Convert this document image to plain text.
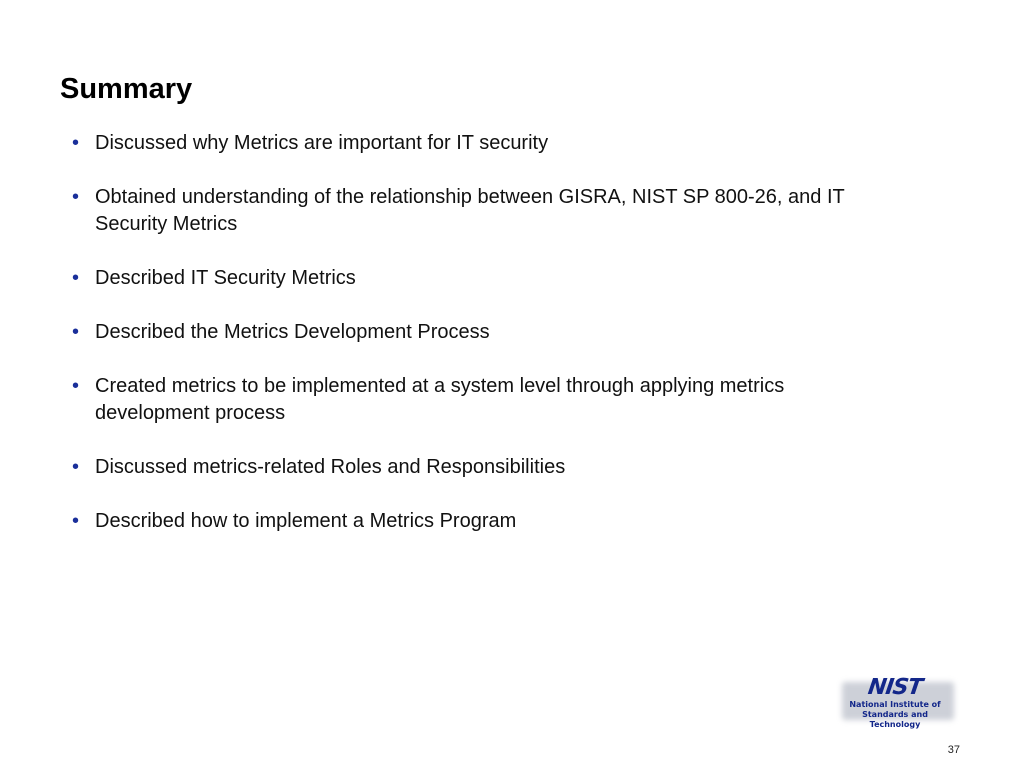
Summary
• Discussed why Metrics are important for IT security
• Obtained understanding of the relationship between GISRA, NIST SP 800-26, and IT Security Metrics
• Described IT Security Metrics
• Described the Metrics Development Process
• Created metrics to be implemented at a system level through applying metrics development process
• Discussed metrics-related Roles and Responsibilities
• Described how to implement a Metrics Program
NIST
National Institute of
Standards and Technology
37
